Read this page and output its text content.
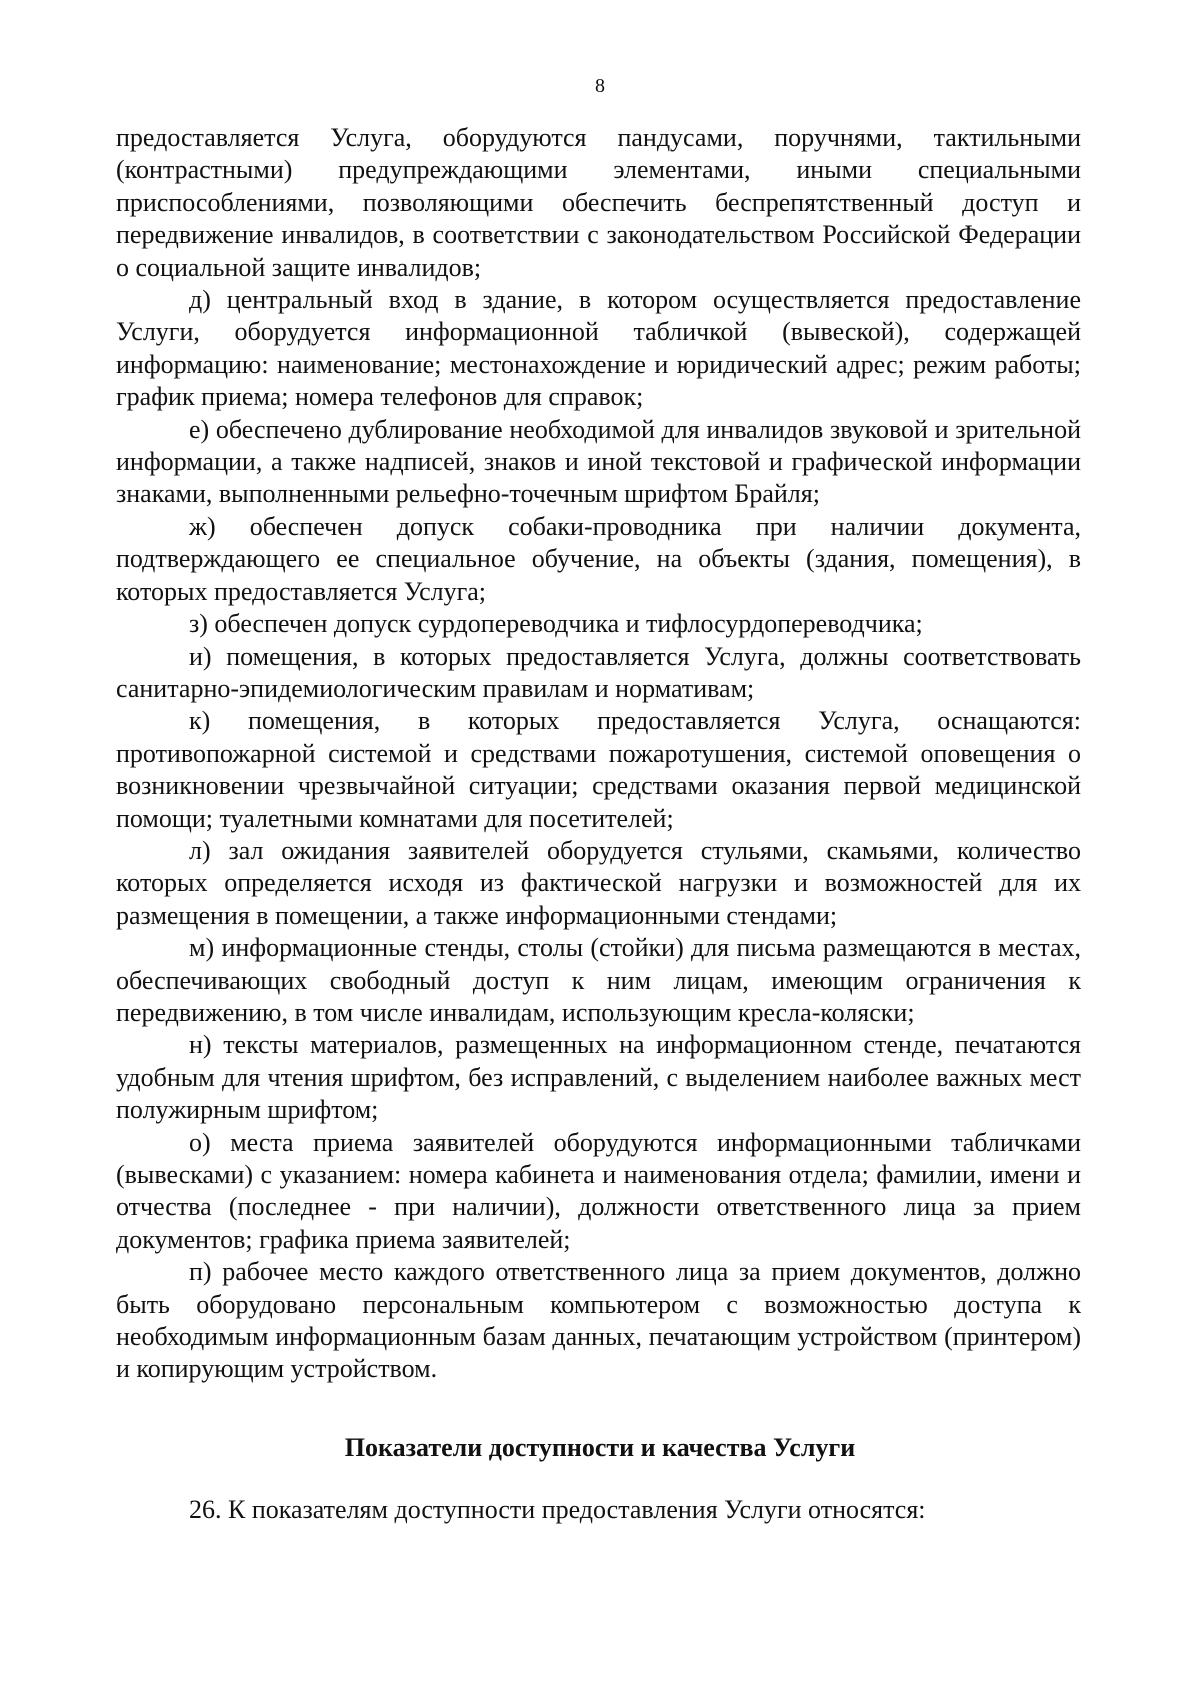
8

предоставляется Услуга, оборудуются пандусами, поручнями, тактильными (контрастными) предупреждающими элементами, иными специальными приспособлениями, позволяющими обеспечить беспрепятственный доступ и передвижение инвалидов, в соответствии с законодательством Российской Федерации о социальной защите инвалидов;

д) центральный вход в здание, в котором осуществляется предоставление Услуги, оборудуется информационной табличкой (вывеской), содержащей информацию: наименование; местонахождение и юридический адрес; режим работы; график приема; номера телефонов для справок;

е) обеспечено дублирование необходимой для инвалидов звуковой и зрительной информации, а также надписей, знаков и иной текстовой и графической информации знаками, выполненными рельефно-точечным шрифтом Брайля;

ж) обеспечен допуск собаки-проводника при наличии документа, подтверждающего ее специальное обучение, на объекты (здания, помещения), в которых предоставляется Услуга;

з) обеспечен допуск сурдопереводчика и тифлосурдопереводчика;

и) помещения, в которых предоставляется Услуга, должны соответствовать санитарно-эпидемиологическим правилам и нормативам;

к) помещения, в которых предоставляется Услуга, оснащаются: противопожарной системой и средствами пожаротушения, системой оповещения о возникновении чрезвычайной ситуации; средствами оказания первой медицинской помощи; туалетными комнатами для посетителей;

л) зал ожидания заявителей оборудуется стульями, скамьями, количество которых определяется исходя из фактической нагрузки и возможностей для их размещения в помещении, а также информационными стендами;

м) информационные стенды, столы (стойки) для письма размещаются в местах, обеспечивающих свободный доступ к ним лицам, имеющим ограничения к передвижению, в том числе инвалидам, использующим кресла-коляски;

н) тексты материалов, размещенных на информационном стенде, печатаются удобным для чтения шрифтом, без исправлений, с выделением наиболее важных мест полужирным шрифтом;

о) места приема заявителей оборудуются информационными табличками (вывесками) с указанием: номера кабинета и наименования отдела; фамилии, имени и отчества (последнее - при наличии), должности ответственного лица за прием документов; графика приема заявителей;

п) рабочее место каждого ответственного лица за прием документов, должно быть оборудовано персональным компьютером с возможностью доступа к необходимым информационным базам данных, печатающим устройством (принтером) и копирующим устройством.

Показатели доступности и качества Услуги

26. К показателям доступности предоставления Услуги относятся:
